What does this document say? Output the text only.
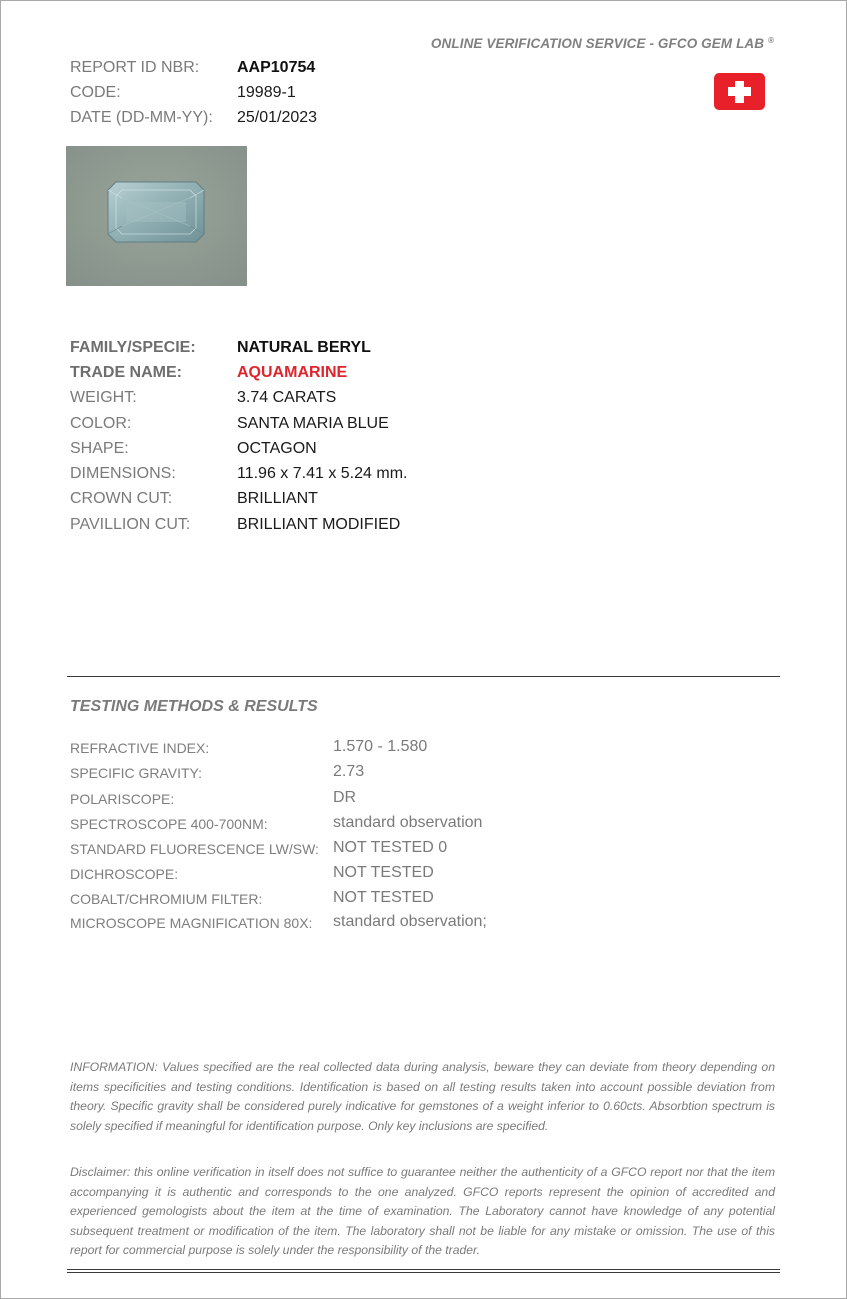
ONLINE VERIFICATION SERVICE - GFCO GEM LAB ®
REPORT ID NBR: AAP10754
CODE:	19989-1
DATE (DD-MM-YY): 25/01/2023
FAMILY/SPECIE:	NATURAL BERYL
TRADE NAME:	AQUAMARINE
WEIGHT:	3.74 CARATS
COLOR:	SANTA MARIA BLUE
SHAPE:	OCTAGON
DIMENSIONS:	11.96 x 7.41 x 5.24 mm.
CROWN CUT:	BRILLIANT
PAVILLION CUT:	BRILLIANT MODIFIED
TESTING METHODS & RESULTS
REFRACTIVE INDEX:	1.570 - 1.580
SPECIFIC GRAVITY:	2.73
POLARISCOPE:	DR
SPECTROSCOPE 400-700NM:	standard observation
STANDARD FLUORESCENCE LW/SW: NOT TESTED 0
DICHROSCOPE:	NOT TESTED
COBALT/CHROMIUM FILTER:	NOT TESTED
MICROSCOPE MAGNIFICATION 80X: standard observation;
INFORMATION: Values specified are the real collected data during analysis, beware they can deviate from theory depending on items specificities and testing conditions. Identification is based on all testing results taken into account possible deviation from theory. Specific gravity shall be considered purely indicative for gemstones of a weight inferior to 0.60cts. Absorbtion spectrum is solely specified if meaningful for identification purpose. Only key inclusions are specified.
Disclaimer: this online verification in itself does not suffice to guarantee neither the authenticity of a GFCO report nor that the item accompanying it is authentic and corresponds to the one analyzed. GFCO reports represent the opinion of accredited and experienced gemologists about the item at the time of examination. The Laboratory cannot have knowledge of any potential subsequent treatment or modification of the item. The laboratory shall not be liable for any mistake or omission. The use of this report for commercial purpose is solely under the responsibility of the trader.
